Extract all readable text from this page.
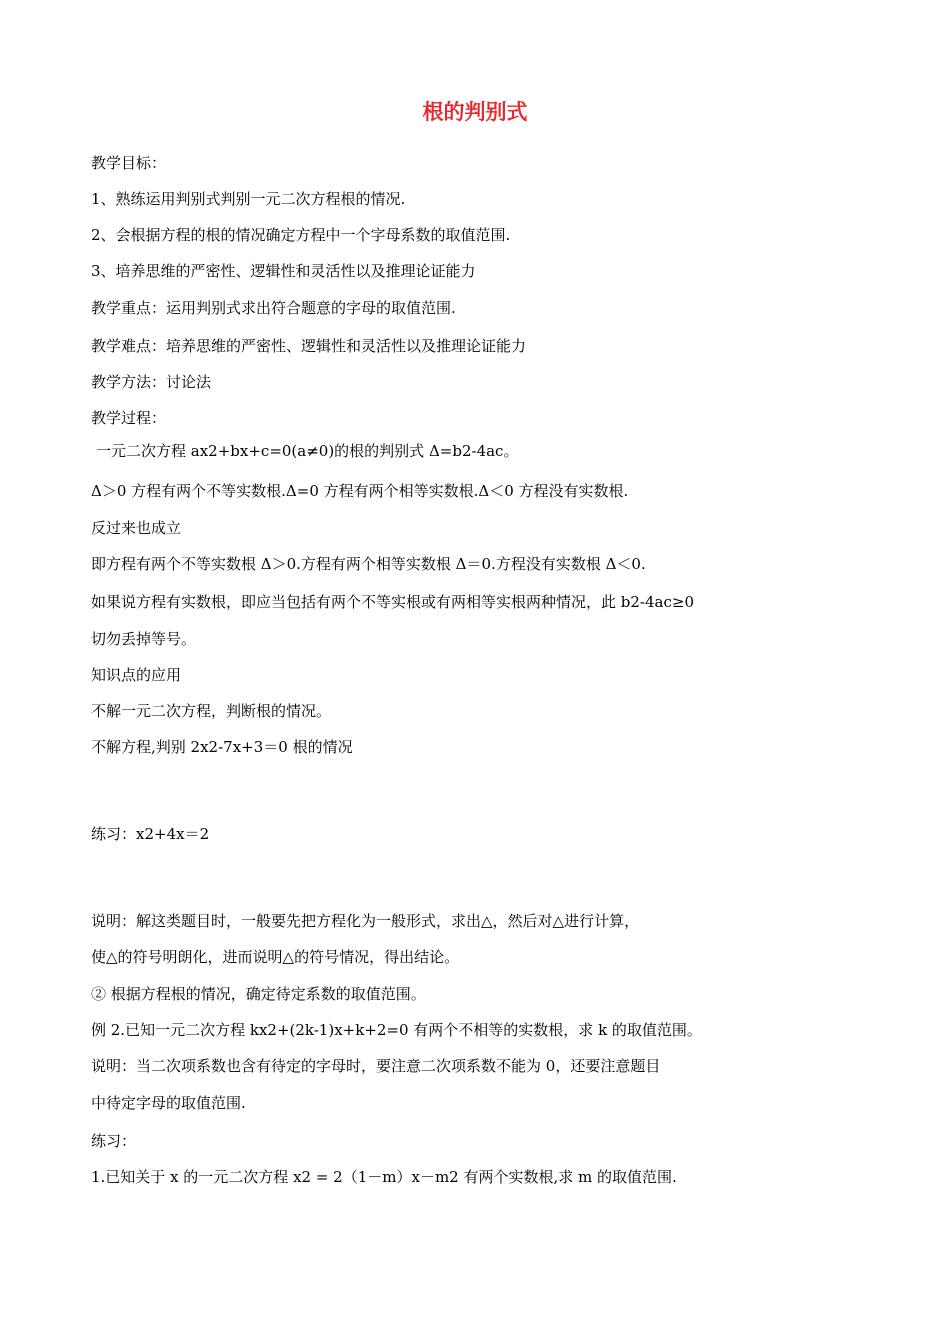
根的判别式
教学目标：
1、熟练运用判别式判别一元二次方程根的情况.
2、会根据方程的根的情况确定方程中一个字母系数的取值范围.
3、培养思维的严密性、逻辑性和灵活性以及推理论证能力
教学重点：运用判别式求出符合题意的字母的取值范围.
教学难点：培养思维的严密性、逻辑性和灵活性以及推理论证能力
教学方法：讨论法
教学过程：
一元二次方程 ax2+bx+c=0(a≠0)的根的判别式 Δ=b2-4ac。
Δ＞0 方程有两个不等实数根.Δ=0 方程有两个相等实数根.Δ＜0 方程没有实数根.
反过来也成立
即方程有两个不等实数根 Δ＞0.方程有两个相等实数根 Δ＝0.方程没有实数根 Δ＜0.
如果说方程有实数根，即应当包括有两个不等实根或有两相等实根两种情况，此 b2-4ac≥0
切勿丢掉等号。
知识点的应用
不解一元二次方程，判断根的情况。
不解方程,判别 2x2-7x+3＝0 根的情况
练习：x2+4x＝2
说明：解这类题目时，一般要先把方程化为一般形式，求出△，然后对△进行计算，
使△的符号明朗化，进而说明△的符号情况，得出结论。
② 根据方程根的情况，确定待定系数的取值范围。
例 2.已知一元二次方程 kx2+(2k-1)x+k+2=0 有两个不相等的实数根，求 k 的取值范围。
说明：当二次项系数也含有待定的字母时，要注意二次项系数不能为 0，还要注意题目
中待定字母的取值范围.
练习：
1.已知关于 x 的一元二次方程 x2 = 2（1－m）x－m2 有两个实数根,求 m 的取值范围.
